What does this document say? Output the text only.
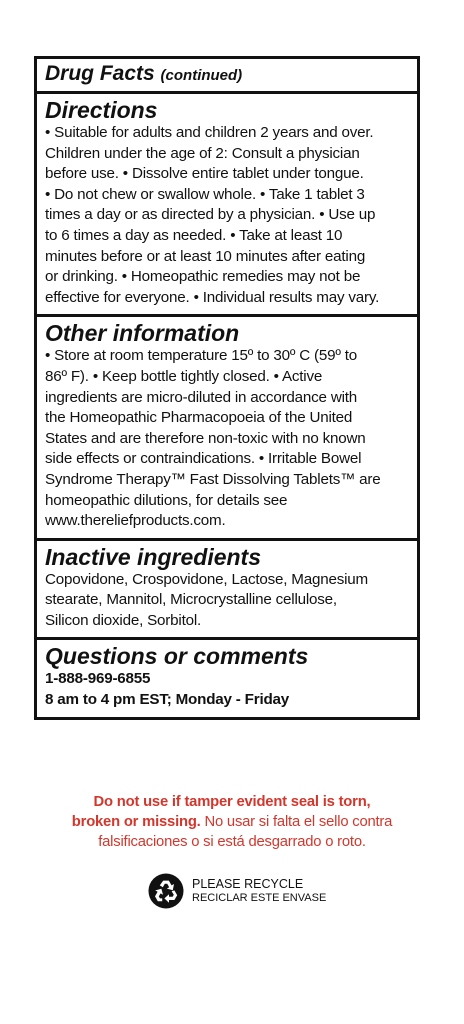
Drug Facts (continued)
Directions
• Suitable for adults and children 2 years and over.
Children under the age of 2: Consult a physician
before use. • Dissolve entire tablet under tongue.
• Do not chew or swallow whole. • Take 1 tablet 3
times a day or as directed by a physician. • Use up
to 6 times a day as needed. • Take at least 10
minutes before or at least 10 minutes after eating
or drinking. • Homeopathic remedies may not be
effective for everyone. • Individual results may vary.
Other information
• Store at room temperature 15º to 30º C (59º to
86º F). • Keep bottle tightly closed. • Active
ingredients are micro-diluted in accordance with
the Homeopathic Pharmacopoeia of the United
States and are therefore non-toxic with no known
side effects or contraindications. • Irritable Bowel
Syndrome Therapy™ Fast Dissolving Tablets™ are
homeopathic dilutions, for details see
www.thereliefproducts.com.
Inactive ingredients
Copovidone, Crospovidone, Lactose, Magnesium
stearate, Mannitol, Microcrystalline cellulose,
Silicon dioxide, Sorbitol.
Questions or comments
1-888-969-6855
8 am to 4 pm EST; Monday - Friday
Do not use if tamper evident seal is torn,
broken or missing. No usar si falta el sello contra
falsificaciones o si está desgarrado o roto.
PLEASE RECYCLE
RECICLAR ESTE ENVASE
